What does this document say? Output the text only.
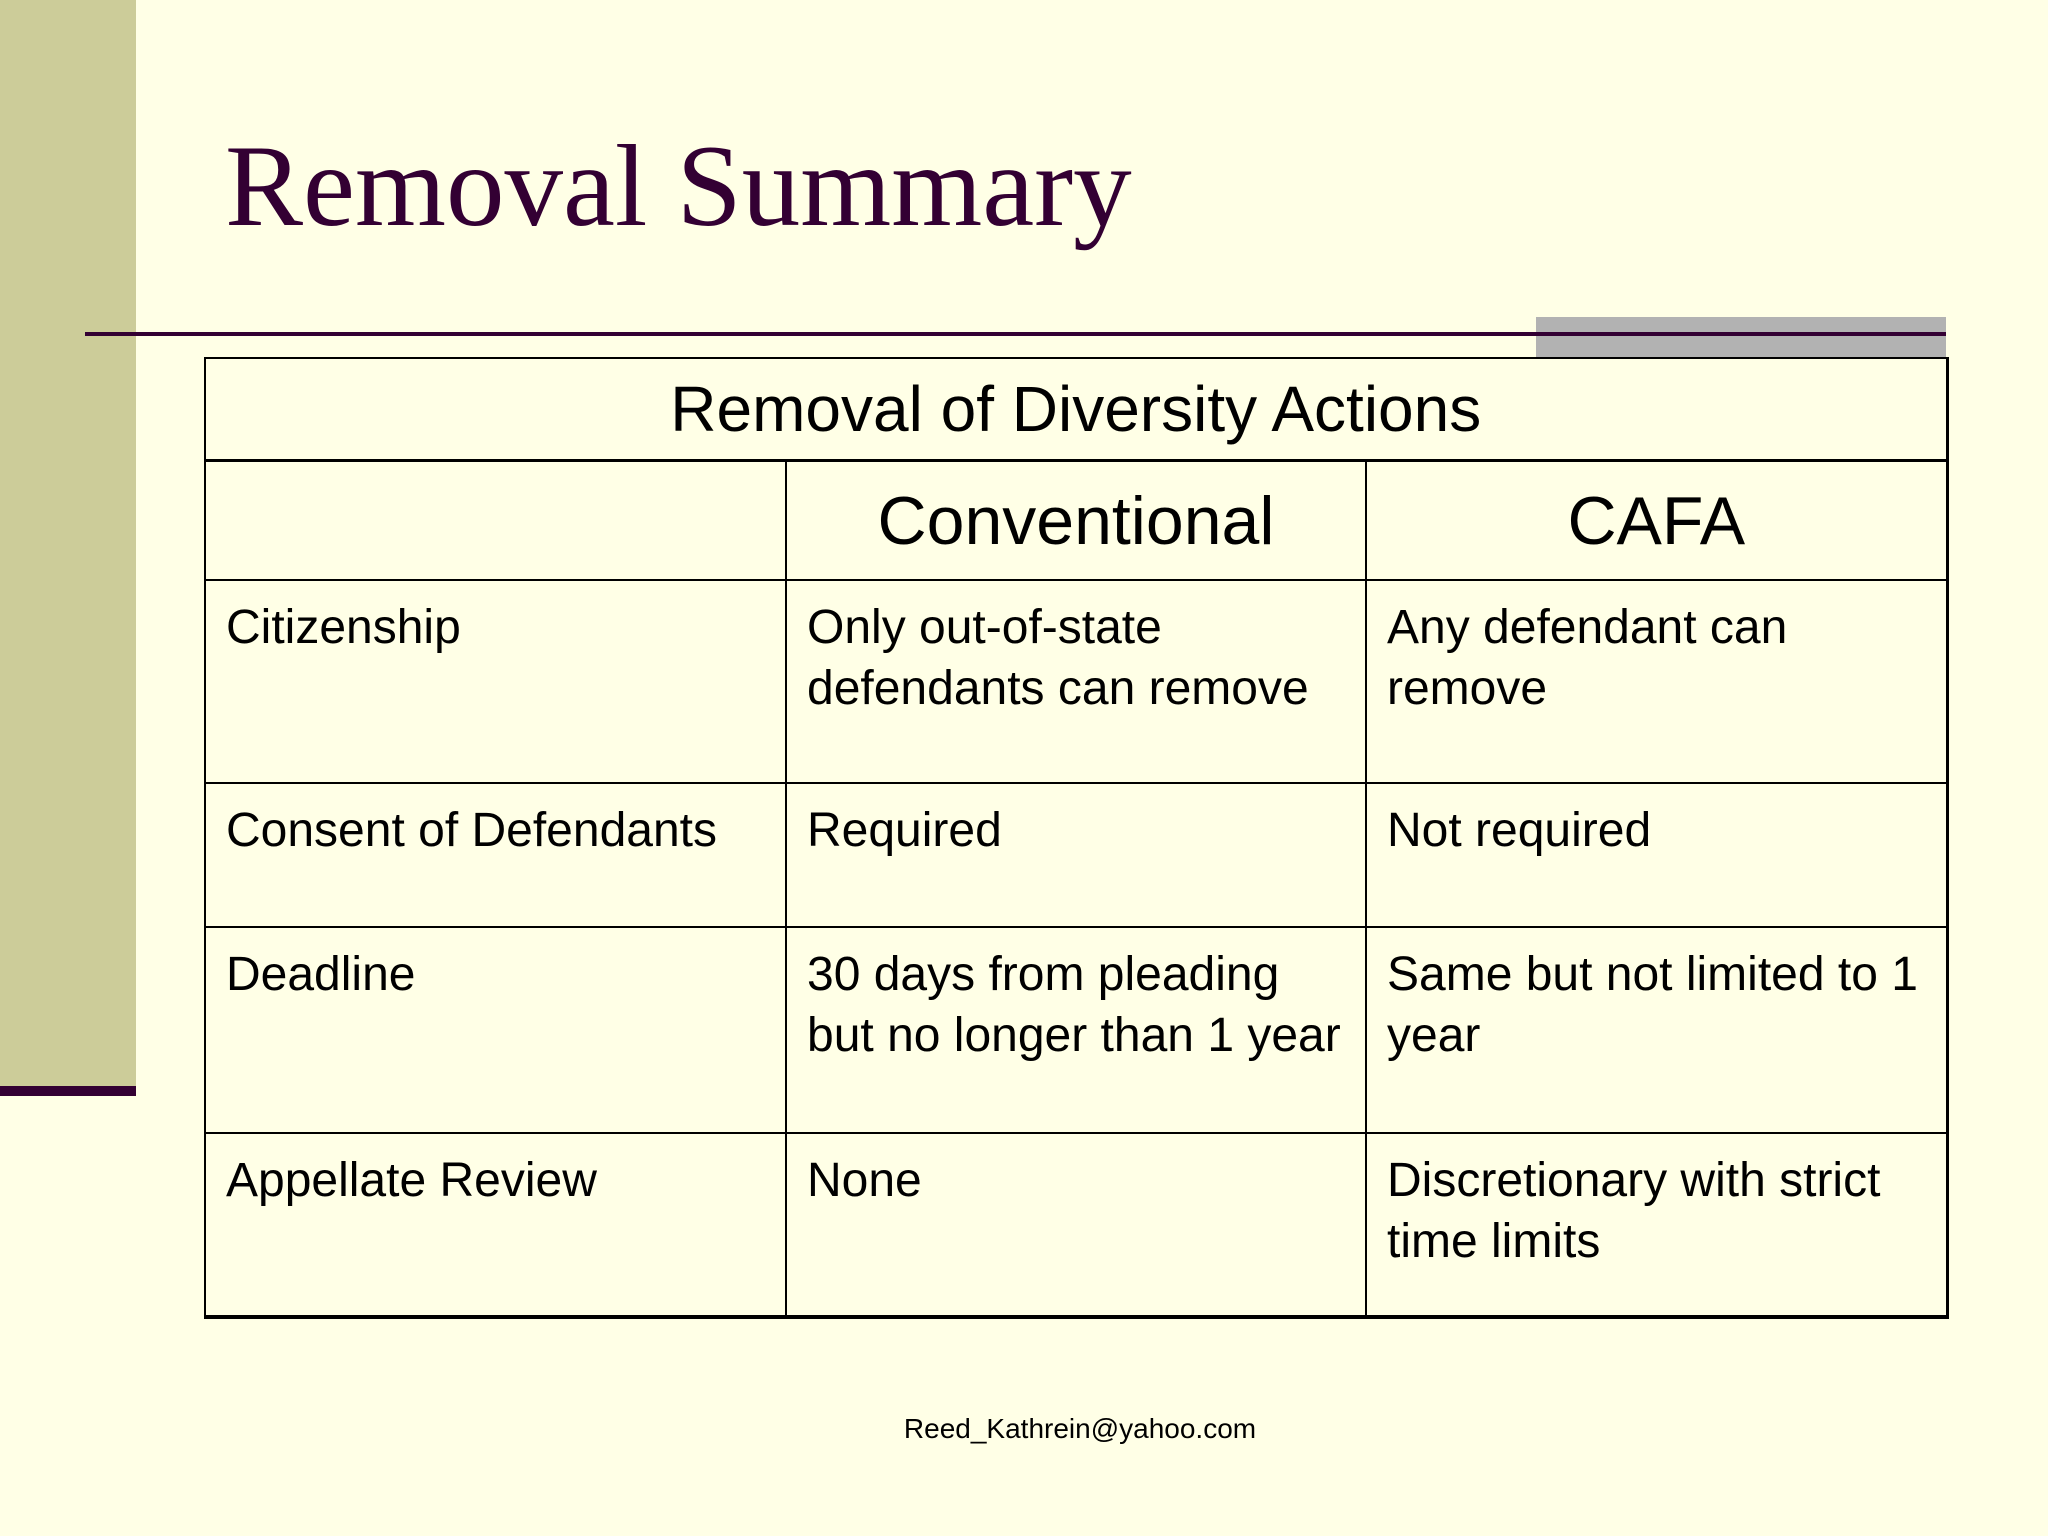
Removal Summary
Removal of Diversity Actions		
	Conventional	CAFA
Citizenship	Only out-of-state defendants can remove	Any defendant can remove
Consent of Defendants	Required	Not required
Deadline	30 days from pleading but no longer than 1 year	Same but not limited to 1 year
Appellate Review	None	Discretionary with strict time limits
Reed_Kathrein@yahoo.com
